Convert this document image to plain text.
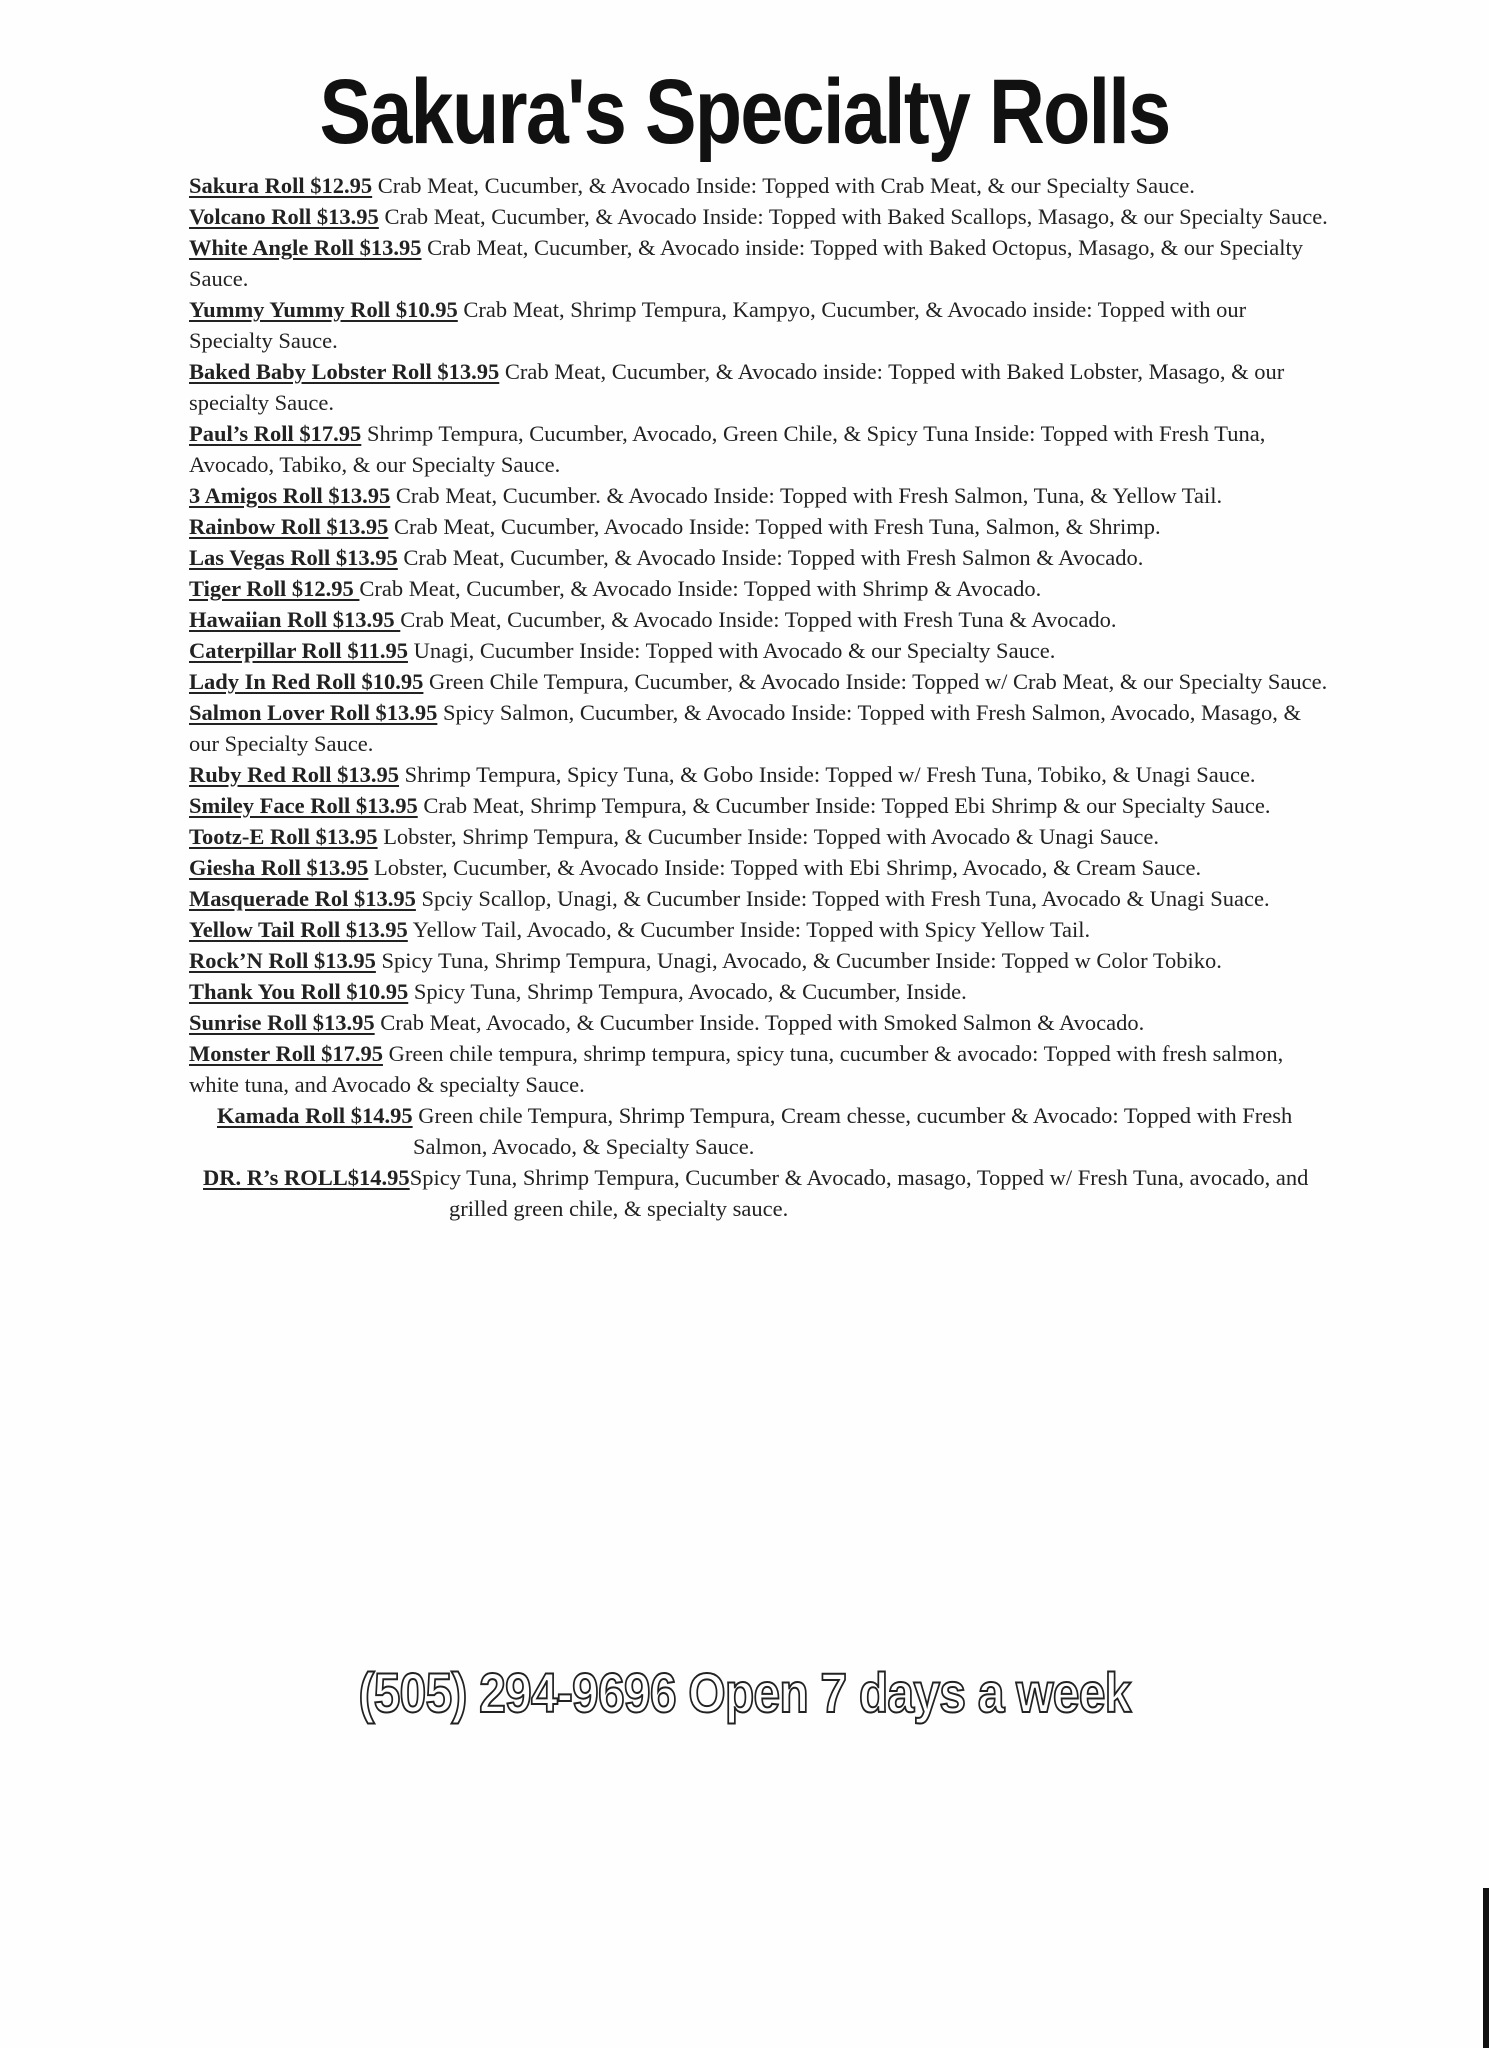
Sakura's Specialty Rolls

Sakura Roll $12.95 Crab Meat, Cucumber, & Avocado Inside: Topped with Crab Meat, & our Specialty Sauce.

Volcano Roll $13.95 Crab Meat, Cucumber, & Avocado Inside: Topped with Baked Scallops, Masago, & our Specialty Sauce.

White Angle Roll $13.95 Crab Meat, Cucumber, & Avocado inside: Topped with Baked Octopus, Masago, & our Specialty Sauce.

Yummy Yummy Roll $10.95 Crab Meat, Shrimp Tempura, Kampyo, Cucumber, & Avocado inside: Topped with our Specialty Sauce.

Baked Baby Lobster Roll $13.95 Crab Meat, Cucumber, & Avocado inside: Topped with Baked Lobster, Masago, & our specialty Sauce.

Paul’s Roll $17.95 Shrimp Tempura, Cucumber, Avocado, Green Chile, & Spicy Tuna Inside: Topped with Fresh Tuna, Avocado, Tabiko, & our Specialty Sauce.

3 Amigos Roll $13.95 Crab Meat, Cucumber. & Avocado Inside: Topped with Fresh Salmon, Tuna, & Yellow Tail.

Rainbow Roll $13.95 Crab Meat, Cucumber, Avocado Inside: Topped with Fresh Tuna, Salmon, & Shrimp.

Las Vegas Roll $13.95 Crab Meat, Cucumber, & Avocado Inside: Topped with Fresh Salmon & Avocado.

Tiger Roll $12.95 Crab Meat, Cucumber, & Avocado Inside: Topped with Shrimp & Avocado.

Hawaiian Roll $13.95 Crab Meat, Cucumber, & Avocado Inside: Topped with Fresh Tuna & Avocado.

Caterpillar Roll $11.95 Unagi, Cucumber Inside: Topped with Avocado & our Specialty Sauce.

Lady In Red Roll $10.95 Green Chile Tempura, Cucumber, & Avocado Inside: Topped w/ Crab Meat, & our Specialty Sauce.

Salmon Lover Roll $13.95 Spicy Salmon, Cucumber, & Avocado Inside: Topped with Fresh Salmon, Avocado, Masago, & our Specialty Sauce.

Ruby Red Roll $13.95 Shrimp Tempura, Spicy Tuna, & Gobo Inside: Topped w/ Fresh Tuna, Tobiko, & Unagi Sauce.

Smiley Face Roll $13.95 Crab Meat, Shrimp Tempura, & Cucumber Inside: Topped Ebi Shrimp & our Specialty Sauce.

Tootz-E Roll $13.95 Lobster, Shrimp Tempura, & Cucumber Inside: Topped with Avocado & Unagi Sauce.

Giesha Roll $13.95 Lobster, Cucumber, & Avocado Inside: Topped with Ebi Shrimp, Avocado, & Cream Sauce.

Masquerade Rol $13.95 Spciy Scallop, Unagi, & Cucumber Inside: Topped with Fresh Tuna, Avocado & Unagi Suace.

Yellow Tail Roll $13.95 Yellow Tail, Avocado, & Cucumber Inside: Topped with Spicy Yellow Tail.

Rock’N Roll $13.95 Spicy Tuna, Shrimp Tempura, Unagi, Avocado, & Cucumber Inside: Topped w Color Tobiko.

Thank You Roll $10.95 Spicy Tuna, Shrimp Tempura, Avocado, & Cucumber, Inside.

Sunrise Roll $13.95 Crab Meat, Avocado, & Cucumber Inside. Topped with Smoked Salmon & Avocado.

Monster Roll $17.95 Green chile tempura, shrimp tempura, spicy tuna, cucumber & avocado: Topped with fresh salmon, white tuna, and Avocado & specialty Sauce.

Kamada Roll $14.95 Green chile Tempura, Shrimp Tempura, Cream chesse, cucumber & Avocado: Topped with Fresh Salmon, Avocado, & Specialty Sauce.

DR. R’s ROLL$14.95Spicy Tuna, Shrimp Tempura, Cucumber & Avocado, masago, Topped w/ Fresh Tuna, avocado, and grilled green chile, & specialty sauce.

(505) 294-9696 Open 7 days a week
